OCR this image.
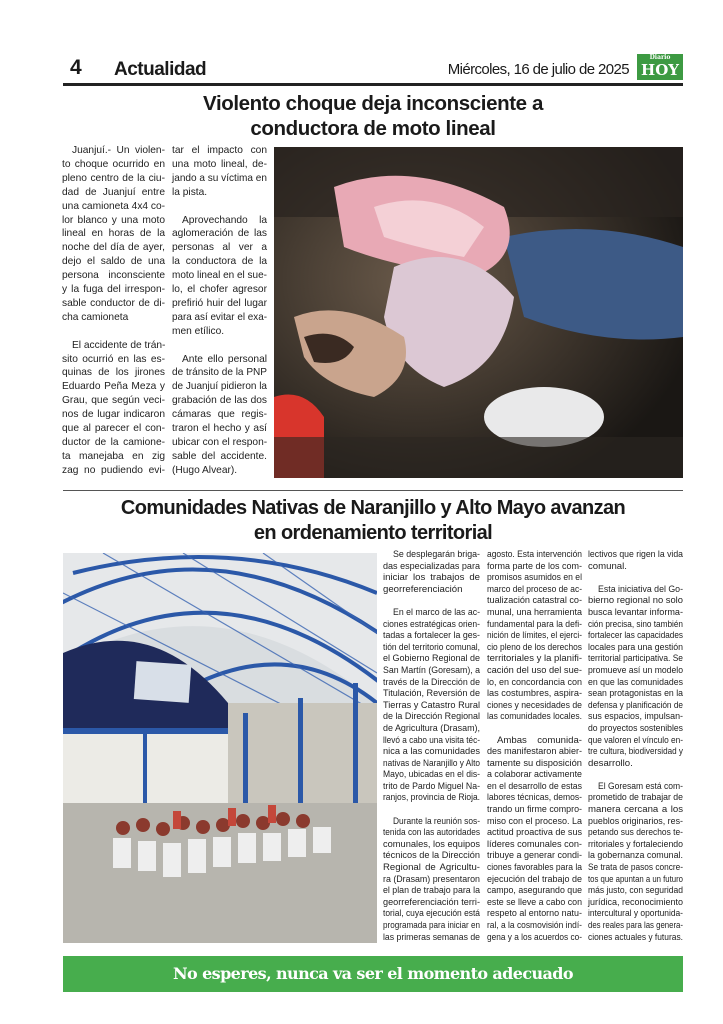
4 Actualidad	Miércoles, 16 de julio de 2025
Diario
HOY
Violento choque deja inconsciente a
conductora de moto lineal
Juanjuí.- Un violen-
to choque ocurrido en
pleno centro de la ciu-
dad de Juanjuí entre
una camioneta 4x4 co-
lor blanco y una moto
lineal en horas de la
noche del día de ayer,
dejo el saldo de una
persona inconsciente
y la fuga del irrespon-
sable conductor de di-
cha camioneta
El accidente de trán-
sito ocurrió en las es-
quinas de los jirones
Eduardo Peña Meza y
Grau, que según veci-
nos de lugar indicaron
que al parecer el con-
ductor de la camione-
ta manejaba en zig
zag no pudiendo evi-
tar el impacto con
una moto lineal, de-
jando a su víctima en
la pista.
Aprovechando la
aglomeración de las
personas al ver a
la conductora de la
moto lineal en el sue-
lo, el chofer agresor
prefirió huir del lugar
para así evitar el exa-
men etílico.
Ante ello personal
de tránsito de la PNP
de Juanjuí pidieron la
grabación de las dos
cámaras que regis-
traron el hecho y así
ubicar con el respon-
sable del accidente.
(Hugo Alvear).
Comunidades Nativas de Naranjillo y Alto Mayo avanzan
en ordenamiento territorial
Se desplegarán briga-
das especializadas para
iniciar los trabajos de
georreferenciación
En el marco de las ac-
ciones estratégicas orien-
tadas a fortalecer la ges-
tión del territorio comunal,
el Gobierno Regional de
San Martín (Goresam), a
través de la Dirección de
Titulación, Reversión de
Tierras y Catastro Rural
de la Dirección Regional
de Agricultura (Drasam),
llevó a cabo una visita téc-
nica a las comunidades
nativas de Naranjillo y Alto
Mayo, ubicadas en el dis-
trito de Pardo Miguel Na-
ranjos, provincia de Rioja.
Durante la reunión sos-
tenida con las autoridades
comunales, los equipos
técnicos de la Dirección
Regional de Agricultu-
ra (Drasam) presentaron
el plan de trabajo para la
georreferenciación terri-
torial, cuya ejecución está
programada para iniciar en
las primeras semanas de
agosto. Esta intervención
forma parte de los com-
promisos asumidos en el
marco del proceso de ac-
tualización catastral co-
munal, una herramienta
fundamental para la defi-
nición de límites, el ejerci-
cio pleno de los derechos
territoriales y la planifi-
cación del uso del sue-
lo, en concordancia con
las costumbres, aspira-
ciones y necesidades de
las comunidades locales.
Ambas comunida-
des manifestaron abier-
tamente su disposición
a colaborar activamente
en el desarrollo de estas
labores técnicas, demos-
trando un firme compro-
miso con el proceso. La
actitud proactiva de sus
líderes comunales con-
tribuye a generar condi-
ciones favorables para la
ejecución del trabajo de
campo, asegurando que
este se lleve a cabo con
respeto al entorno natu-
ral, a la cosmovisión indí-
gena y a los acuerdos co-
lectivos que rigen la vida
comunal.
Esta iniciativa del Go-
bierno regional no solo
busca levantar informa-
ción precisa, sino también
fortalecer las capacidades
locales para una gestión
territorial participativa. Se
promueve así un modelo
en que las comunidades
sean protagonistas en la
defensa y planificación de
sus espacios, impulsan-
do proyectos sostenibles
que valoren el vínculo en-
tre cultura, biodiversidad y
desarrollo.
El Goresam está com-
prometido de trabajar de
manera cercana a los
pueblos originarios, res-
petando sus derechos te-
rritoriales y fortaleciendo
la gobernanza comunal.
Se trata de pasos concre-
tos que apuntan a un futuro
más justo, con seguridad
jurídica, reconocimiento
intercultural y oportunida-
des reales para las genera-
ciones actuales y futuras.
No esperes, nunca va ser el momento adecuado
